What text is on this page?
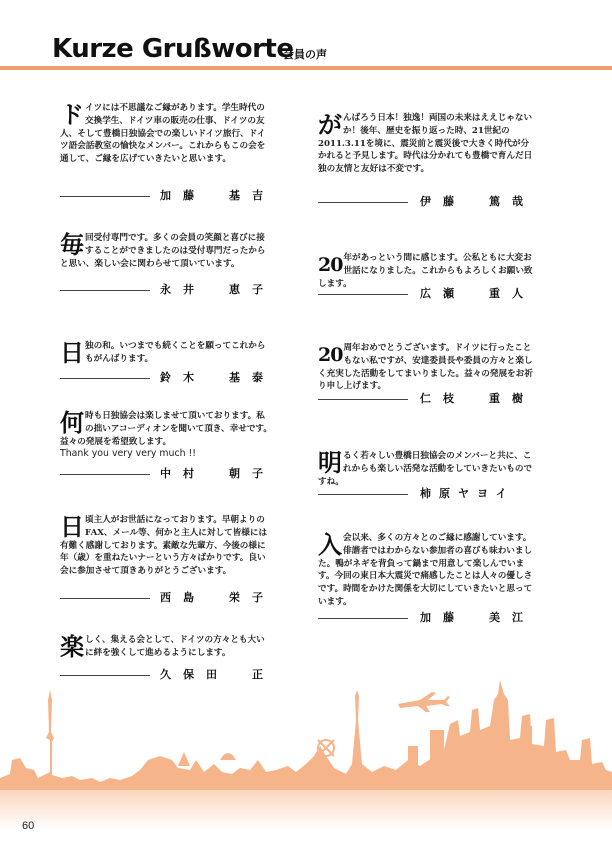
Kurze Grußworte
会員の声

ドイツには不思議なご縁があります。学生時代の交換学生、ドイツ車の販売の仕事、ドイツの友人、そして豊橋日独協会での楽しいドイツ旅行、ドイツ語会話教室の愉快なメンバー。これからもこの会を通して、ご縁を広げていきたいと思います。

加藤　基吉

毎回受付専門です。多くの会員の笑顔と喜びに接することができましたのは受付専門だったからと思い、楽しい会に関わらせて頂いています。

永井　恵子

日独の和。いつまでも続くことを願ってこれからもがんばります。

鈴木　基泰

何時も日独協会は楽しませて頂いております。私の拙いアコーディオンを聞いて頂き、幸せです。益々の発展を希望致します。
Thank you very very much !!

中村　朝子

日頃主人がお世話になっております。早朝よりのFAX、メール等、何かと主人に対して皆様には有難く感謝しております。素敵な先輩方、今後の様に年（歳）を重ねたいナーという方々ばかりです。良い会に参加させて頂きありがとうございます。

西島　栄子

楽しく、集える会として、ドイツの方々とも大いに絆を強くして進めるようにします。

久保田　正

がんばろう日本！独逸！両国の未来はええじゃないか！後年、歴史を振り返った時、21世紀の2011.3.11を境に、震災前と震災後で大きく時代が分かれると予見します。時代は分かれても豊橋で育んだ日独の友情と友好は不変です。

伊藤　篤哉

20 年があっという間に感じます。公私ともに大変お世話になりました。これからもよろしくお願い致します。

広瀬　重人

20 周年おめでとうございます。ドイツに行ったこともない私ですが、安達委員長や委員の方々と楽しく充実した活動をしてまいりました。益々の発展をお祈り申し上げます。

仁枝　重樹

明るく若々しい豊橋日独協会のメンバーと共に、これからも楽しい活発な活動をしていきたいものですね。

柿原ヤヨイ

入会以来、多くの方々とのご縁に感謝しています。俳諧者ではわからない参加者の喜びも味わいました。鴨がネギを背負って鍋まで用意して楽しんでいます。今回の東日本大震災で痛感したことは人々の優しさです。時間をかけた関係を大切にしていきたいと思っています。

加藤　美江
60
